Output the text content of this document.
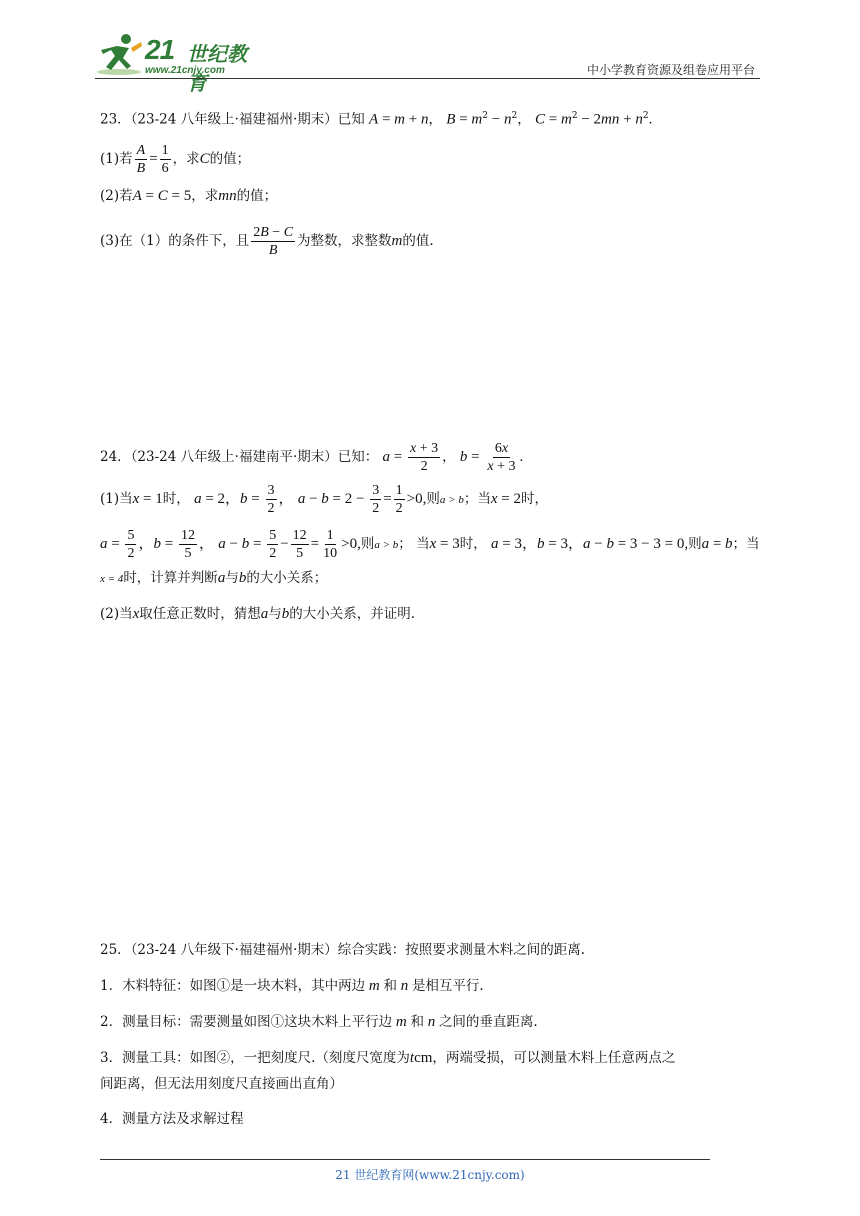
21 世纪教育
www.21cnjy.com	中小学教育资源及组卷应用平台
23．（23-24 八年级上·福建福州·期末）已知 A = m + n， $B = m^2 - n^2$， $C = m^2 - 2mn + n^2$.
(1)若 $\frac{A}{B} = \frac{1}{6}$ ，求C的值；
(2)若A = C = 5，求mn的值；
(3)在（1）的条件下，且 $\frac{2B - C}{B}$ 为整数，求整数m的值.
24．（23-24 八年级上·福建南平·期末）已知： $a = \frac{x + 3}{2}$ ， $b = \frac{6x}{x + 3}$ .
(1)当x = 1时， a = 2，$b = \frac{3}{2}$ ， $a - b = 2 - \frac{3}{2} = \frac{1}{2} >0$,则a > b；当x = 2时，
$a = \frac{5}{2}$ ，$b = \frac{12}{5}$ ， $a - b = \frac{5}{2} - \frac{12}{5} = \frac{1}{10} >0$,则a > b； 当x = 3时， a = 3，b = 3，a − b = 3 − 3 = 0,则a = b；当
x = 4时，计算并判断a与b的大小关系；
(2)当x取任意正数时，猜想a与b的大小关系，并证明.
25．（23-24 八年级下·福建福州·期末）综合实践：按照要求测量木料之间的距离.
1．木料特征：如图①是一块木料，其中两边 m 和 n 是相互平行.
2．测量目标：需要测量如图①这块木料上平行边 m 和 n 之间的垂直距离.
3．测量工具：如图②，一把刻度尺.（刻度尺宽度为tcm，两端受损，可以测量木料上任意两点之
间距离，但无法用刻度尺直接画出直角）
4．测量方法及求解过程
21 世纪教育网(www.21cnjy.com)
